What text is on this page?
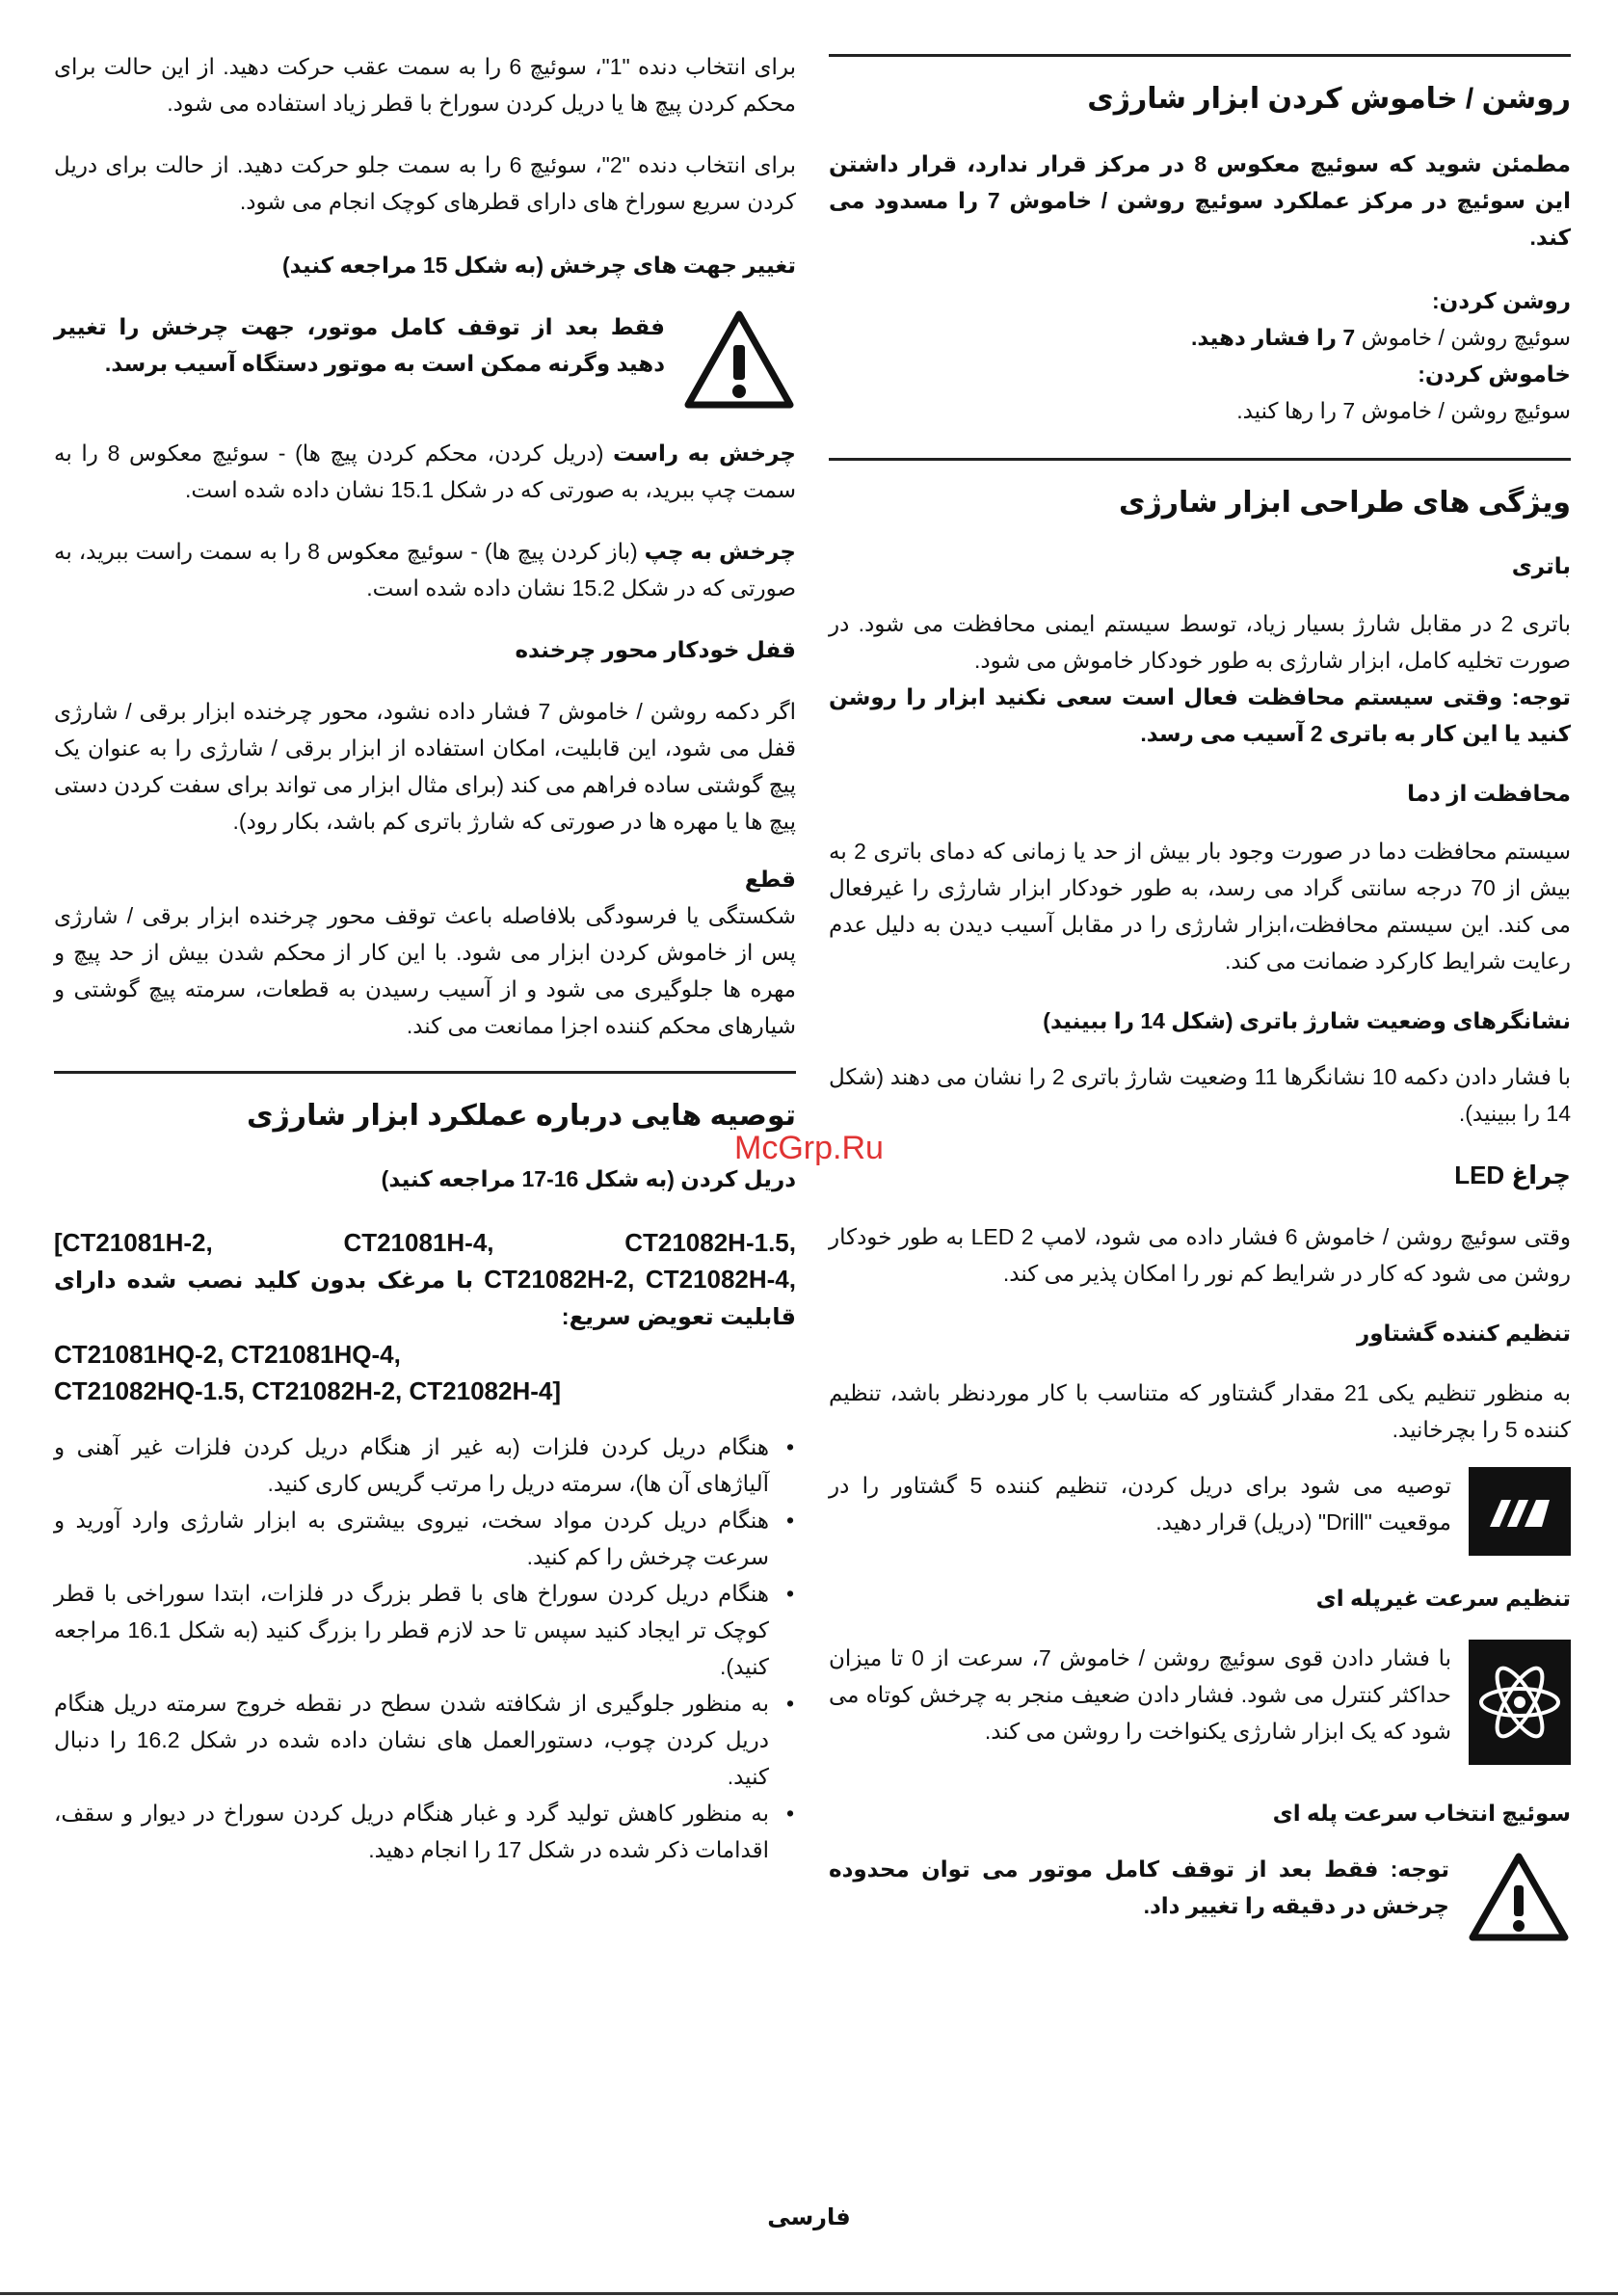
روشن / خاموش کردن ابزار شارژی

مطمئن شوید که سوئیچ معکوس 8 در مرکز قرار ندارد، قرار داشتن این سوئیچ در مرکز عملکرد سوئیچ روشن / خاموش 7 را مسدود می کند.

روشن کردن:

سوئیچ روشن / خاموش 7 را فشار دهید.

خاموش کردن:

سوئیچ روشن / خاموش 7 را رها کنید.

ویژگی های طراحی ابزار شارژی
باتری

باتری 2 در مقابل شارژ بسیار زیاد، توسط سیستم ایمنی محافظت می شود. در صورت تخلیه کامل، ابزار شارژی به طور خودکار خاموش می شود.

توجه: وقتی سیستم محافظت فعال است سعی نکنید ابزار را روشن کنید یا این کار به باتری 2 آسیب می رسد.

محافظت از دما

سیستم محافظت دما در صورت وجود بار بیش از حد یا زمانی که دمای باتری 2 به بیش از 70 درجه سانتی گراد می رسد، به طور خودکار ابزار شارژی را غیرفعال می کند. این سیستم محافظت،ابزار شارژی را در مقابل آسیب دیدن به دلیل عدم رعایت شرایط کارکرد ضمانت می کند.

نشانگرهای وضعیت شارژ باتری (شکل 14 را ببینید)

با فشار دادن دکمه 10 نشانگرها 11 وضعیت شارژ باتری 2 را نشان می دهند (شکل 14 را ببینید).

چراغ LED

وقتی سوئیچ روشن / خاموش 6 فشار داده می شود، لامپ LED 2 به طور خودکار روشن می شود که کار در شرایط کم نور را امکان پذیر می کند.

تنظیم کننده گشتاور

به منظور تنظیم یکی 21 مقدار گشتاور که متناسب با کار موردنظر باشد، تنظیم کننده 5 را بچرخانید.

توصیه می شود برای دریل کردن، تنظیم کننده 5 گشتاور را در موقعیت "Drill" (دریل) قرار دهید.

تنظیم سرعت غیرپله ای

با فشار دادن قوی سوئیچ روشن / خاموش 7، سرعت از 0 تا میزان حداکثر کنترل می شود. فشار دادن ضعیف منجر به چرخش کوتاه می شود که یک ابزار شارژی یکنواخت را روشن می کند.

سوئیچ انتخاب سرعت پله ای

توجه: فقط بعد از توقف کامل موتور می توان محدوده چرخش در دقیقه را تغییر داد.

برای انتخاب دنده "1"، سوئیچ 6 را به سمت عقب حرکت دهید. از این حالت برای محکم کردن پیچ ها یا دریل کردن سوراخ با قطر زیاد استفاده می شود.

برای انتخاب دنده "2"، سوئیچ 6 را به سمت جلو حرکت دهید. از حالت برای دریل کردن سریع سوراخ های دارای قطرهای کوچک انجام می شود.

تغییر جهت های چرخش (به شکل 15 مراجعه کنید)

فقط بعد از توقف کامل موتور، جهت چرخش را تغییر دهید وگرنه ممکن است به موتور دستگاه آسیب برسد.

چرخش به راست (دریل کردن، محکم کردن پیچ ها) - سوئیچ معکوس 8 را به سمت چپ ببرید، به صورتی که در شکل 15.1 نشان داده شده است.

چرخش به چپ (باز کردن پیچ ها) - سوئیچ معکوس 8 را به سمت راست ببرید، به صورتی که در شکل 15.2 نشان داده شده است.

قفل خودکار محور چرخنده

اگر دکمه روشن / خاموش 7 فشار داده نشود، محور چرخنده ابزار برقی / شارژی قفل می شود، این قابلیت، امکان استفاده از ابزار برقی / شارژی را به عنوان یک پیچ گوشتی ساده فراهم می کند (برای مثال ابزار می تواند برای سفت کردن دستی پیچ ها یا مهره ها در صورتی که شارژ باتری کم باشد، بکار رود).

قطع

شکستگی یا فرسودگی بلافاصله باعث توقف محور چرخنده ابزار برقی / شارژی پس از خاموش کردن ابزار می شود. با این کار از محکم شدن بیش از حد پیچ و مهره ها جلوگیری می شود و از آسیب رسیدن به قطعات، سرمته پیچ گوشتی و شیارهای محکم کننده اجزا ممانعت می کند.

توصیه هایی درباره عملکرد ابزار شارژی
دریل کردن (به شکل 16-17 مراجعه کنید)

[CT21081H-2, CT21081H-4, CT21082H-1.5,

CT21082H-2, CT21082H-4, با مرغک بدون کلید نصب شده دارای قابلیت تعویض سریع:

CT21081HQ-2, CT21081HQ-4,

CT21082HQ-1.5, CT21082H-2, CT21082H-4]

• هنگام دریل کردن فلزات (به غیر از هنگام دریل کردن فلزات غیر آهنی و آلیاژهای آن ها)، سرمته دریل را مرتب گریس کاری کنید.
• هنگام دریل کردن مواد سخت، نیروی بیشتری به ابزار شارژی وارد آورید و سرعت چرخش را کم کنید.
• هنگام دریل کردن سوراخ های با قطر بزرگ در فلزات، ابتدا سوراخی با قطر کوچک تر ایجاد کنید سپس تا حد لازم قطر را بزرگ کنید (به شکل 16.1 مراجعه کنید).
• به منظور جلوگیری از شکافته شدن سطح در نقطه خروج سرمته دریل هنگام دریل کردن چوب، دستورالعمل های نشان داده شده در شکل 16.2 را دنبال کنید.
• به منظور کاهش تولید گرد و غبار هنگام دریل کردن سوراخ در دیوار و سقف، اقدامات ذکر شده در شکل 17 را انجام دهید.
McGrp.Ru
فارسی
